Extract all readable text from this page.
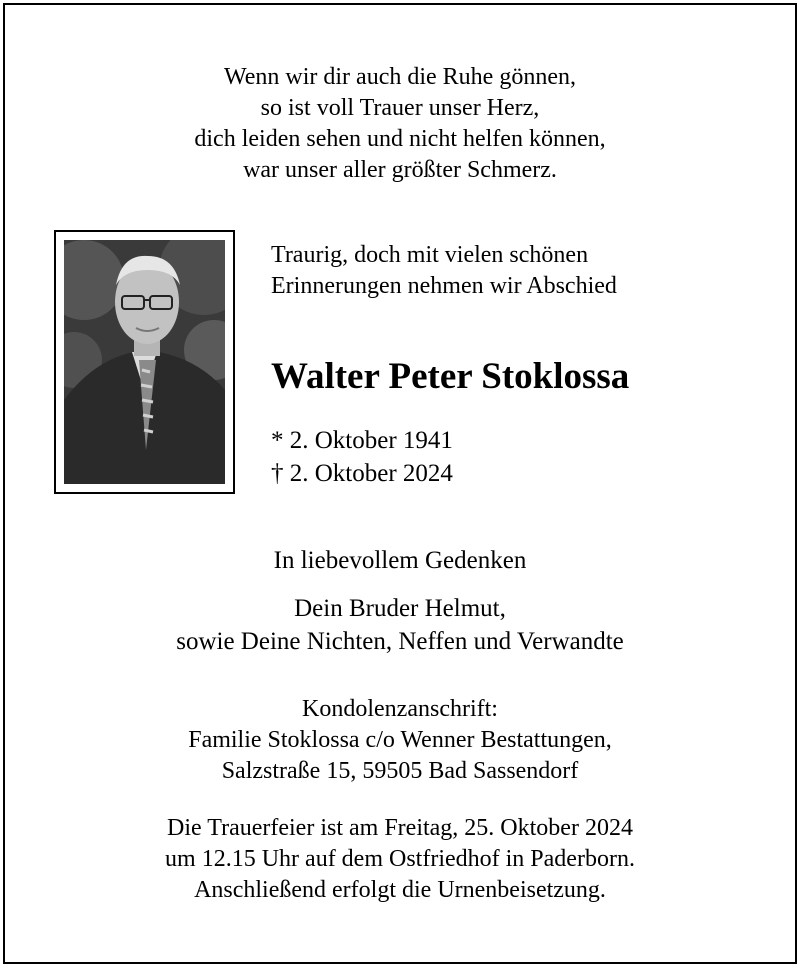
Wenn wir dir auch die Ruhe gönnen,
so ist voll Trauer unser Herz,
dich leiden sehen und nicht helfen können,
war unser aller größter Schmerz.
Traurig, doch mit vielen schönen
Erinnerungen nehmen wir Abschied
Walter Peter Stoklossa
* 2. Oktober 1941
† 2. Oktober 2024
In liebevollem Gedenken
Dein Bruder Helmut,
sowie Deine Nichten, Neffen und Verwandte
Kondolenzanschrift:
Familie Stoklossa c/o Wenner Bestattungen,
Salzstraße 15, 59505 Bad Sassendorf
Die Trauerfeier ist am Freitag, 25. Oktober 2024
um 12.15 Uhr auf dem Ostfriedhof in Paderborn.
Anschließend erfolgt die Urnenbeisetzung.
